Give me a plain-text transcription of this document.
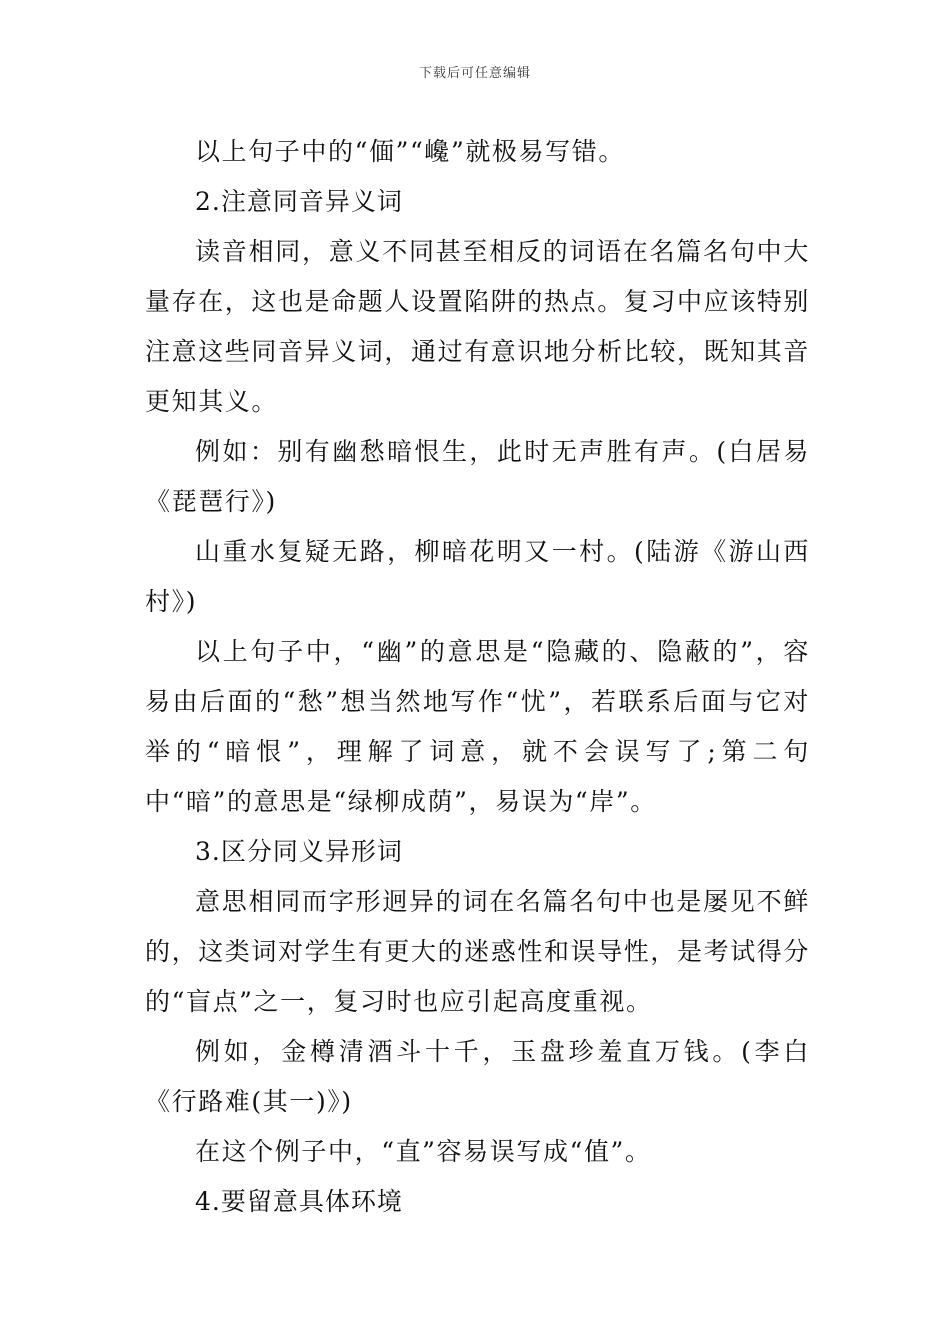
下载后可任意编辑

以上句子中的“偭”“巉”就极易写错。

2.注意同音异义词

读音相同，意义不同甚至相反的词语在名篇名句中大量存在，这也是命题人设置陷阱的热点。复习中应该特别注意这些同音异义词，通过有意识地分析比较，既知其音更知其义。

例如：别有幽愁暗恨生，此时无声胜有声。(白居易《琵琶行》)

山重水复疑无路，柳暗花明又一村。(陆游《游山西村》)

以上句子中，“幽”的意思是“隐藏的、隐蔽的”，容易由后面的“愁”想当然地写作“忧”，若联系后面与它对举的“暗恨”，理解了词意，就不会误写了;第二句中“暗”的意思是“绿柳成荫”，易误为“岸”。

3.区分同义异形词

意思相同而字形迥异的词在名篇名句中也是屡见不鲜的，这类词对学生有更大的迷惑性和误导性，是考试得分的“盲点”之一，复习时也应引起高度重视。

例如，金樽清酒斗十千，玉盘珍羞直万钱。(李白《行路难(其一)》)

在这个例子中，“直”容易误写成“值”。

4.要留意具体环境
